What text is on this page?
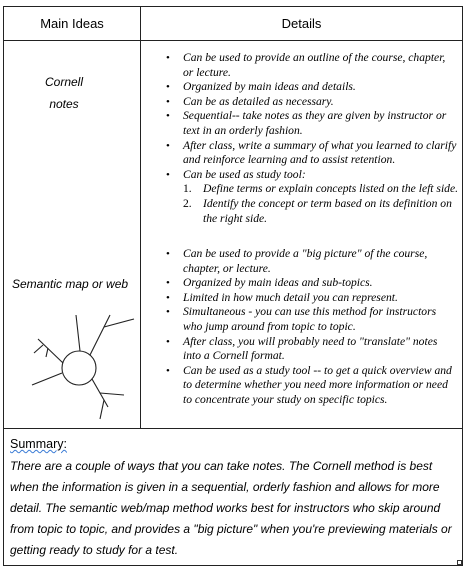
Main Ideas	Details
Cornell
notes
Semantic map or web
• Can be used to provide an outline of the course, chapter, or lecture.
• Organized by main ideas and details.
• Can be as detailed as necessary.
• Sequential-- take notes as they are given by instructor or text in an orderly fashion.
• After class, write a summary of what you learned to clarify and reinforce learning and to assist retention.
• Can be used as study tool:
1. Define terms or explain concepts listed on the left side.
2. Identify the concept or term based on its definition on the right side.
• Can be used to provide a "big picture" of the course, chapter, or lecture.
• Organized by main ideas and sub-topics.
• Limited in how much detail you can represent.
• Simultaneous - you can use this method for instructors who jump around from topic to topic.
• After class, you will probably need to "translate" notes into a Cornell format.
• Can be used as a study tool -- to get a quick overview and to determine whether you need more information or need to concentrate your study on specific topics.
Summary:
There are a couple of ways that you can take notes. The Cornell method is best when the information is given in a sequential, orderly fashion and allows for more detail. The semantic web/map method works best for instructors who skip around from topic to topic, and provides a "big picture" when you're previewing materials or getting ready to study for a test.
